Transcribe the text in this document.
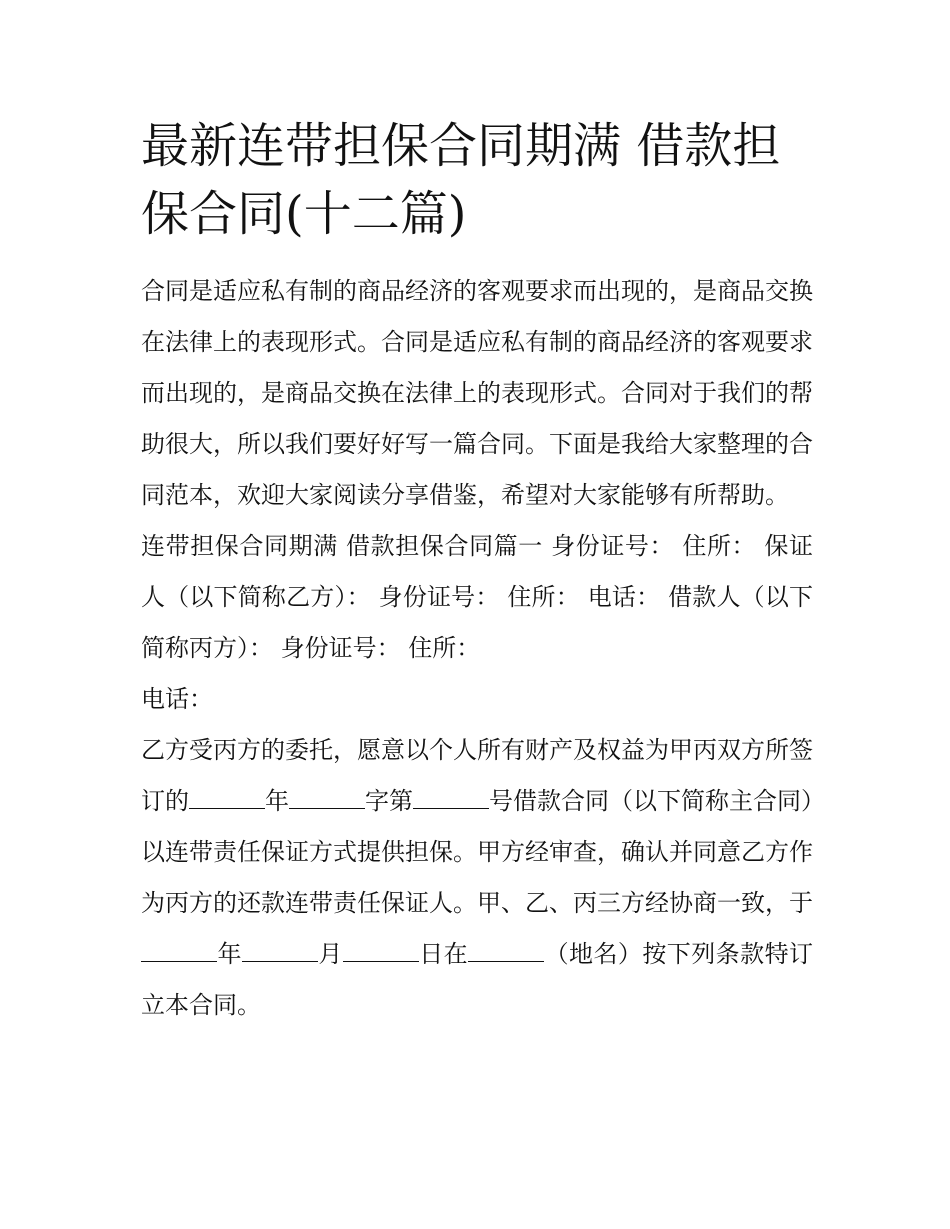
最新连带担保合同期满 借款担保合同(十二篇)

合同是适应私有制的商品经济的客观要求而出现的，是商品交换在法律上的表现形式。合同是适应私有制的商品经济的客观要求而出现的，是商品交换在法律上的表现形式。合同对于我们的帮助很大，所以我们要好好写一篇合同。下面是我给大家整理的合同范本，欢迎大家阅读分享借鉴，希望对大家能够有所帮助。

连带担保合同期满 借款担保合同篇一 身份证号： 住所： 保证人（以下简称乙方）： 身份证号： 住所： 电话： 借款人（以下简称丙方）： 身份证号： 住所：

电话：

乙方受丙方的委托，愿意以个人所有财产及权益为甲丙双方所签订的	年	字第	号借款合同（以下简称主合同）以连带责任保证方式提供担保。甲方经审查，确认并同意乙方作为丙方的还款连带责任保证人。甲、乙、丙三方经协商一致，于年	月	日在	（地名）按下列条款特订立本合同。
